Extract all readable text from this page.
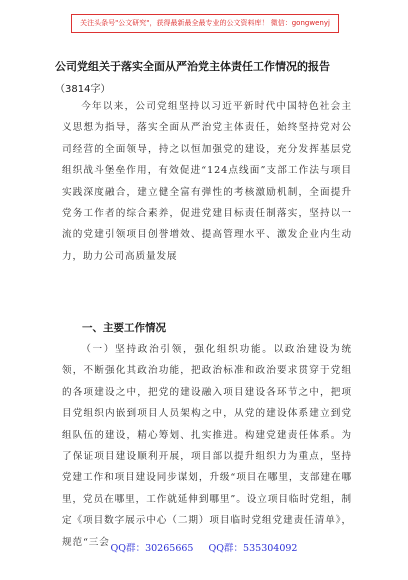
关注头条号"公文研究"，获得最新最全最专业的公文资料库！ 微信：gongwenyj
公司党组关于落实全面从严治党主体责任工作情况的报告
（3814字）

今年以来，公司党组坚持以习近平新时代中国特色社会主义思想为指导，落实全面从严治党主体责任，始终坚持党对公司经营的全面领导，持之以恒加强党的建设，充分发挥基层党组织战斗堡垒作用，有效促进“124点线面”支部工作法与项目实践深度融合，建立健全富有弹性的考核激励机制，全面提升党务工作者的综合素养，促进党建目标责任制落实，坚持以一流的党建引领项目创誉增效、提高管理水平、激发企业内生动力，助力公司高质量发展

一、主要工作情况

（一）坚持政治引领，强化组织功能。以政治建设为统领，不断强化其政治功能，把政治标准和政治要求贯穿于党组的各项建设之中，把党的建设融入项目建设各环节之中，把项目党组织内嵌到项目人员架构之中，从党的建设体系建立到党组队伍的建设，精心筹划、扎实推进。构建党建责任体系。为了保证项目建设顺利开展，项目部以提升组织力为重点，坚持党建工作和项目建设同步谋划，升级“项目在哪里，支部建在哪里，党员在哪里，工作就延伸到哪里”。设立项目临时党组，制定《项目数字展示中心（二期）项目临时党组党建责任清单》，规范“三会

QQ群：30265665 QQ群：535304092
